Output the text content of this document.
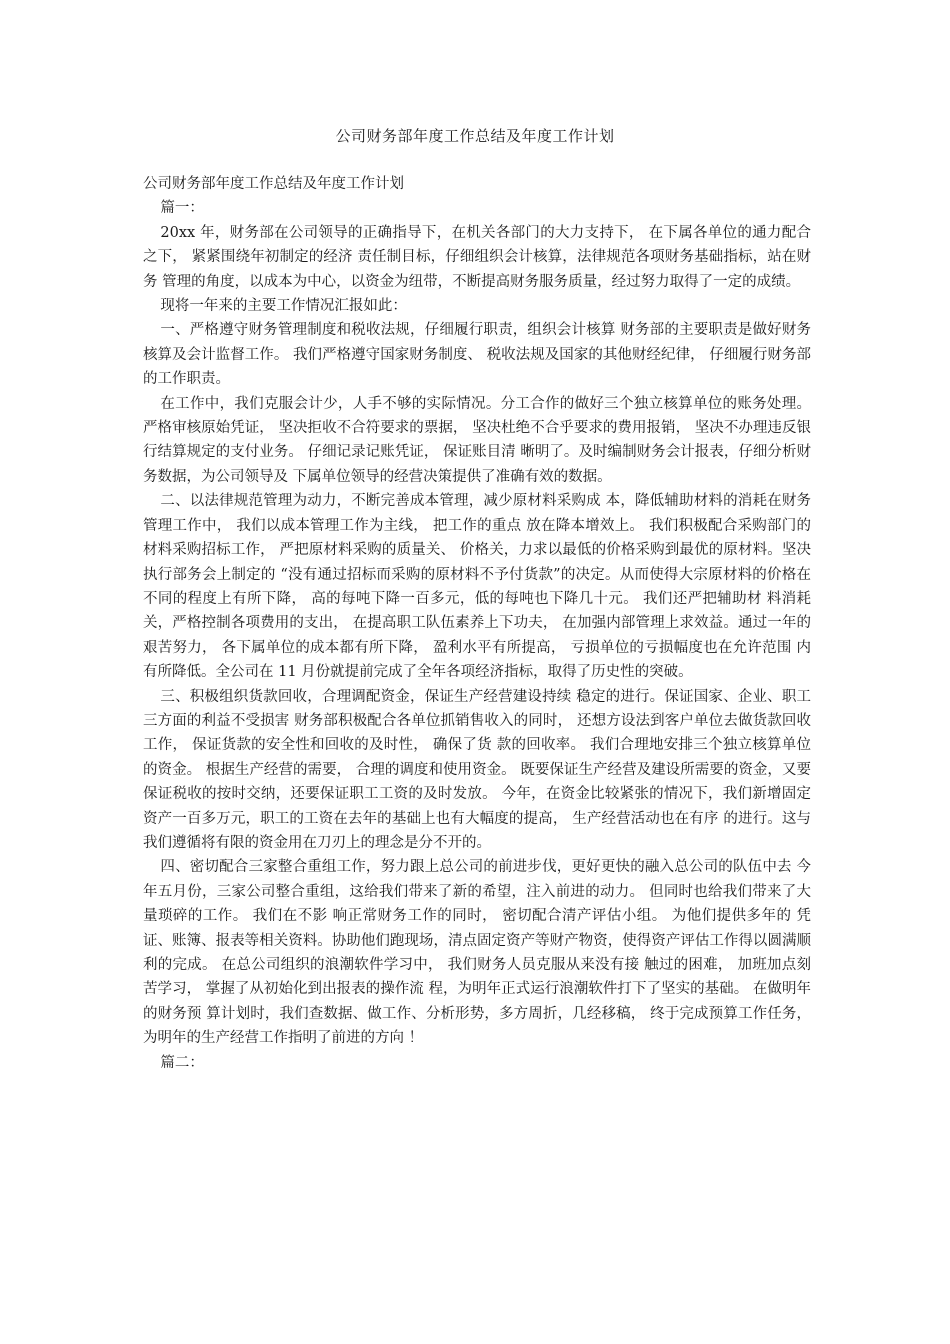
公司财务部年度工作总结及年度工作计划

公司财务部年度工作总结及年度工作计划

篇一：

20xx 年，财务部在公司领导的正确指导下，在机关各部门的大力支持下， 在下属各单位的通力配合之下， 紧紧围绕年初制定的经济 责任制目标，仔细组织会计核算，法律规范各项财务基础指标，站在财务 管理的角度，以成本为中心，以资金为纽带，不断提高财务服务质量，经过努力取得了一定的成绩。

现将一年来的主要工作情况汇报如此：

一、严格遵守财务管理制度和税收法规，仔细履行职责，组织会计核算 财务部的主要职责是做好财务核算及会计监督工作。 我们严格遵守国家财务制度、 税收法规及国家的其他财经纪律， 仔细履行财务部 的工作职责。

在工作中，我们克服会计少，人手不够的实际情况。分工合作的做好三个独立核算单位的账务处理。 严格审核原始凭证， 坚决拒收不合符要求的票据， 坚决杜绝不合乎要求的费用报销， 坚决不办理违反银行结算规定的支付业务。 仔细记录记账凭证， 保证账目清 晰明了。及时编制财务会计报表，仔细分析财务数据，为公司领导及 下属单位领导的经营决策提供了准确有效的数据。

二、以法律规范管理为动力，不断完善成本管理，减少原材料采购成 本，降低辅助材料的消耗在财务管理工作中， 我们以成本管理工作为主线， 把工作的重点 放在降本增效上。 我们积极配合采购部门的材料采购招标工作， 严把原材料采购的质量关、 价格关，力求以最低的价格采购到最优的原材料。坚决执行部务会上制定的 “没有通过招标而采购的原材料不予付货款”的决定。从而使得大宗原材料的价格在不同的程度上有所下降， 高的每吨下降一百多元，低的每吨也下降几十元。 我们还严把辅助材 料消耗关，严格控制各项费用的支出， 在提高职工队伍素养上下功夫， 在加强内部管理上求效益。通过一年的艰苦努力， 各下属单位的成本都有所下降， 盈利水平有所提高， 亏损单位的亏损幅度也在允许范围 内有所降低。全公司在 11 月份就提前完成了全年各项经济指标，取得了历史性的突破。

三、积极组织货款回收，合理调配资金，保证生产经营建设持续 稳定的进行。保证国家、企业、职工三方面的利益不受损害 财务部积极配合各单位抓销售收入的同时， 还想方设法到客户单位去做货款回收工作， 保证货款的安全性和回收的及时性， 确保了货 款的回收率。 我们合理地安排三个独立核算单位的资金。 根据生产经营的需要， 合理的调度和使用资金。 既要保证生产经营及建设所需要的资金，又要保证税收的按时交纳，还要保证职工工资的及时发放。 今年，在资金比较紧张的情况下，我们新增固定资产一百多万元，职工的工资在去年的基础上也有大幅度的提高， 生产经营活动也在有序 的进行。这与我们遵循将有限的资金用在刀刃上的理念是分不开的。

四、密切配合三家整合重组工作，努力跟上总公司的前进步伐，更好更快的融入总公司的队伍中去 今年五月份，三家公司整合重组，这给我们带来了新的希望，注入前进的动力。 但同时也给我们带来了大量琐碎的工作。 我们在不影 响正常财务工作的同时， 密切配合清产评估小组。 为他们提供多年的 凭证、账簿、报表等相关资料。协助他们跑现场，清点固定资产等财产物资，使得资产评估工作得以圆满顺利的完成。 在总公司组织的浪潮软件学习中， 我们财务人员克服从来没有接 触过的困难， 加班加点刻苦学习， 掌握了从初始化到出报表的操作流 程，为明年正式运行浪潮软件打下了坚实的基础。 在做明年的财务预 算计划时，我们查数据、做工作、分析形势，多方周折，几经移稿， 终于完成预算工作任务，为明年的生产经营工作指明了前进的方向 ！

篇二：
